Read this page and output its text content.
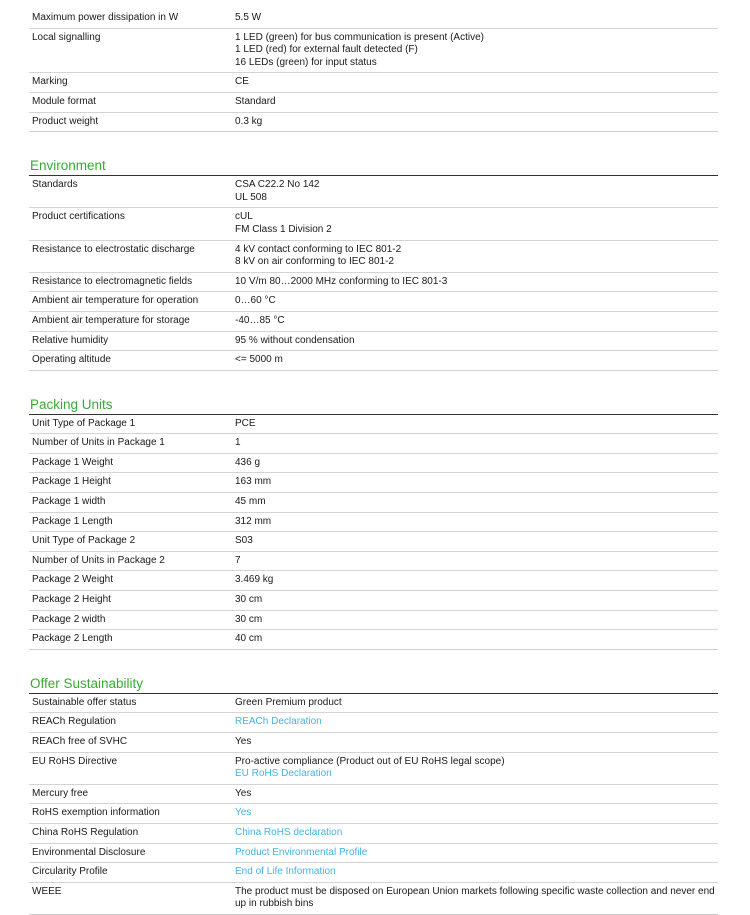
Maximum power dissipation in W	5.5 W

Local signalling	1 LED (green) for bus communication is present (Active)
1 LED (red) for external fault detected (F)
16 LEDs (green) for input status

Marking	CE

Module format	Standard

Product weight	0.3 kg
Environment
Standards	CSA C22.2 No 142
UL 508

Product certifications	cUL
FM Class 1 Division 2

Resistance to electrostatic discharge	4 kV contact conforming to IEC 801-2
8 kV on air conforming to IEC 801-2

Resistance to electromagnetic fields	10 V/m 80…2000 MHz conforming to IEC 801-3

Ambient air temperature for operation	0…60 °C

Ambient air temperature for storage	-40…85 °C

Relative humidity	95 % without condensation

Operating altitude	<= 5000 m
Packing Units
Unit Type of Package 1	PCE

Number of Units in Package 1	1

Package 1 Weight	436 g

Package 1 Height	163 mm

Package 1 width	45 mm

Package 1 Length	312 mm

Unit Type of Package 2	S03

Number of Units in Package 2	7

Package 2 Weight	3.469 kg

Package 2 Height	30 cm

Package 2 width	30 cm

Package 2 Length	40 cm
Offer Sustainability
Sustainable offer status	Green Premium product

REACh Regulation	REACh Declaration

REACh free of SVHC	Yes

EU RoHS Directive	Pro-active compliance (Product out of EU RoHS legal scope)
EU RoHS Declaration

Mercury free	Yes

RoHS exemption information	Yes

China RoHS Regulation	China RoHS declaration

Environmental Disclosure	Product Environmental Profile

Circularity Profile	End of Life Information

WEEE	The product must be disposed on European Union markets following specific waste collection and never end up in rubbish bins
